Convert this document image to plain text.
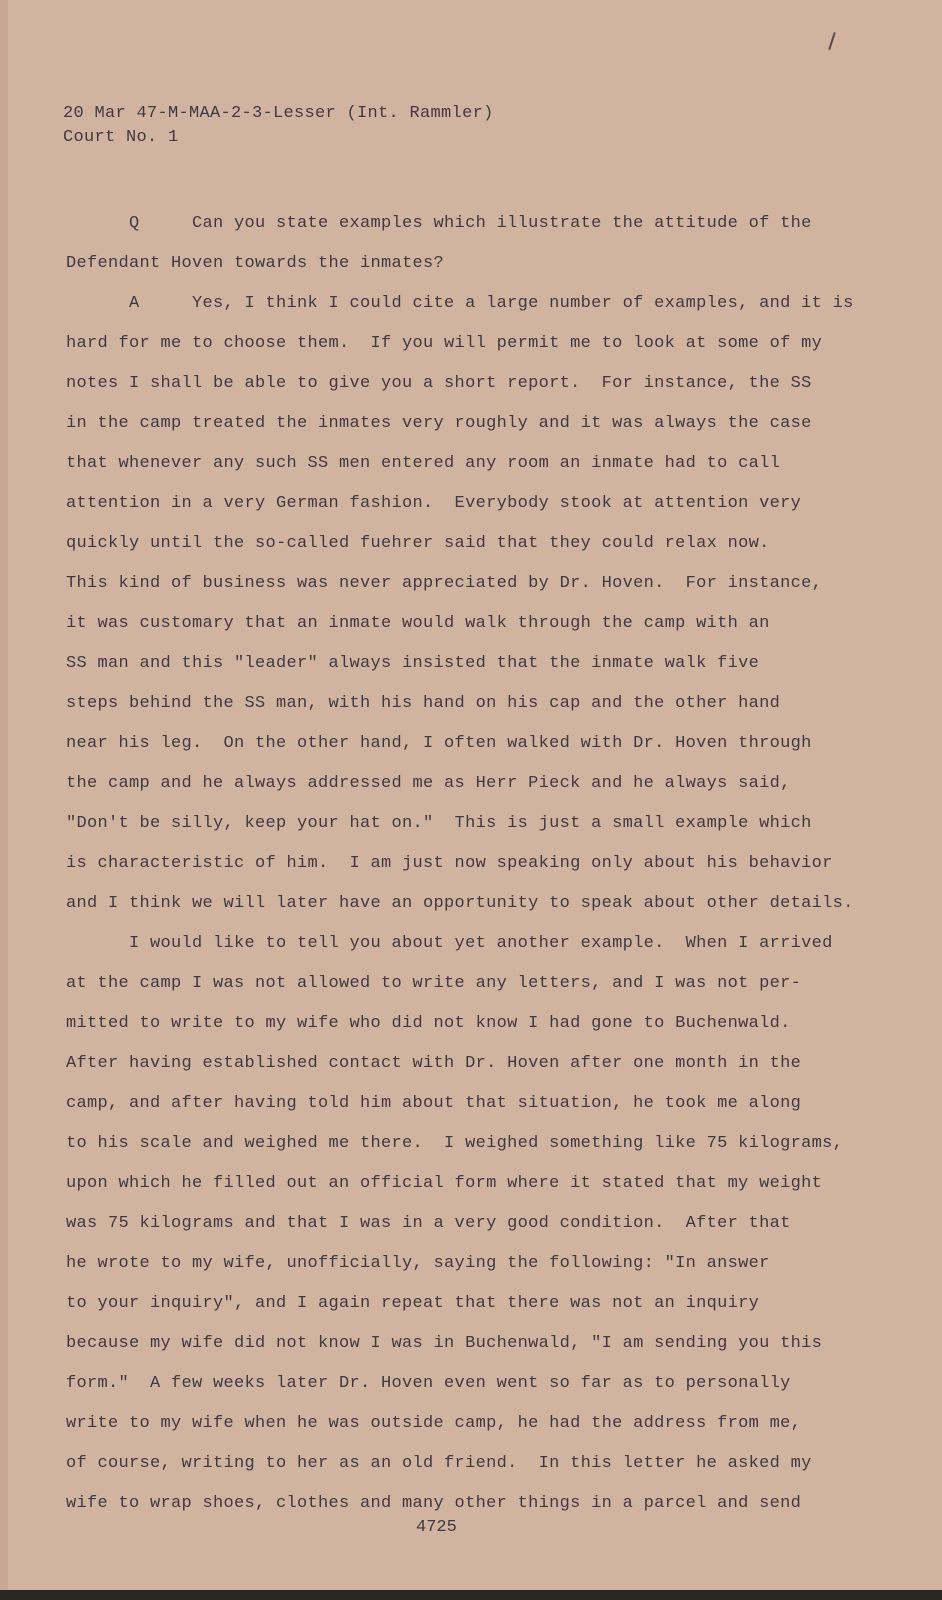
20 Mar 47-M-MAA-2-3-Lesser (Int. Rammler)
Court No. 1
Q     Can you state examples which illustrate the attitude of the
Defendant Hoven towards the inmates?
A     Yes, I think I could cite a large number of examples, and it is
hard for me to choose them.  If you will permit me to look at some of my
notes I shall be able to give you a short report.  For instance, the SS
in the camp treated the inmates very roughly and it was always the case
that whenever any such SS men entered any room an inmate had to call
attention in a very German fashion.  Everybody stook at attention very
quickly until the so-called fuehrer said that they could relax now.
This kind of business was never appreciated by Dr. Hoven.  For instance,
it was customary that an inmate would walk through the camp with an
SS man and this "leader" always insisted that the inmate walk five
steps behind the SS man, with his hand on his cap and the other hand
near his leg.  On the other hand, I often walked with Dr. Hoven through
the camp and he always addressed me as Herr Pieck and he always said,
"Don't be silly, keep your hat on."  This is just a small example which
is characteristic of him.  I am just now speaking only about his behavior
and I think we will later have an opportunity to speak about other details.
I would like to tell you about yet another example.  When I arrived
at the camp I was not allowed to write any letters, and I was not per-
mitted to write to my wife who did not know I had gone to Buchenwald.
After having established contact with Dr. Hoven after one month in the
camp, and after having told him about that situation, he took me along
to his scale and weighed me there.  I weighed something like 75 kilograms,
upon which he filled out an official form where it stated that my weight
was 75 kilograms and that I was in a very good condition.  After that
he wrote to my wife, unofficially, saying the following: "In answer
to your inquiry", and I again repeat that there was not an inquiry
because my wife did not know I was in Buchenwald, "I am sending you this
form."  A few weeks later Dr. Hoven even went so far as to personally
write to my wife when he was outside camp, he had the address from me,
of course, writing to her as an old friend.  In this letter he asked my
wife to wrap shoes, clothes and many other things in a parcel and send
4725
